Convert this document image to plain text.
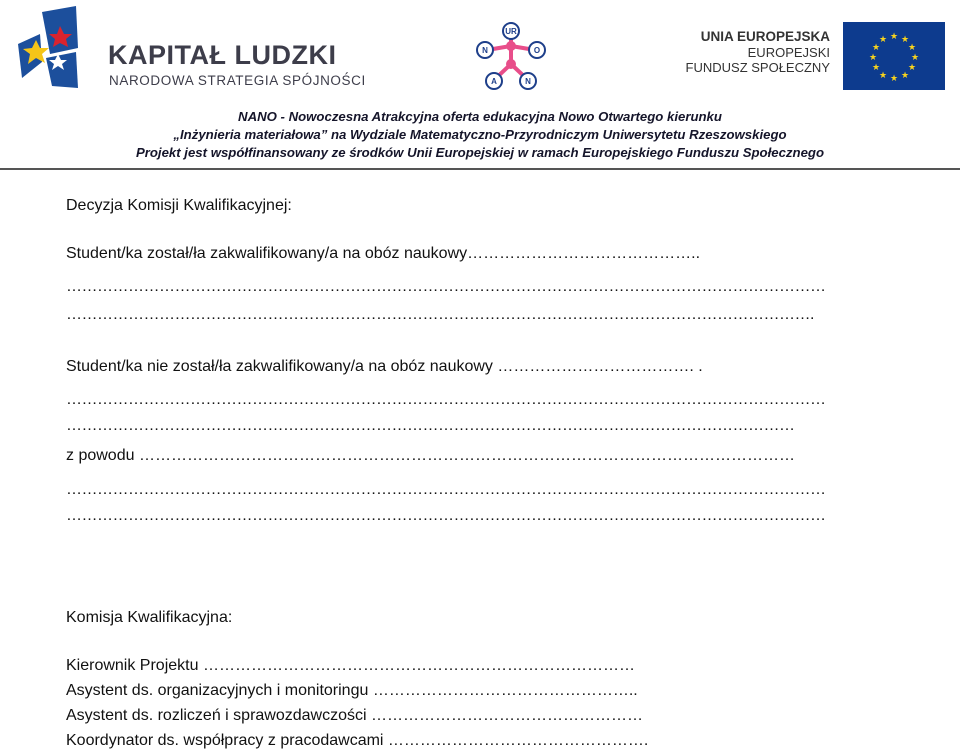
KAPITAŁ LUDZKI
NARODOWA STRATEGIA SPÓJNOŚCI
UR
N	O
A	N
UNIA EUROPEJSKA
EUROPEJSKI
FUNDUSZ SPOŁECZNY
★ ★
★
★
★
★
★
★
★
★
★
★
NANO - Nowoczesna Atrakcyjna oferta edukacyjna Nowo Otwartego kierunku
„Inżynieria materiałowa” na Wydziale Matematyczno-Przyrodniczym Uniwersytetu Rzeszowskiego
Projekt jest współfinansowany ze środków Unii Europejskiej w ramach Europejskiego Funduszu Społecznego
Decyzja Komisji Kwalifikacyjnej:
Student/ka został/ła zakwalifikowany/a na obóz naukowy……………………………………..
…………………………………………………………………………………………………………………………………
……………………………………………………………………………………………………………………………….
Student/ka nie został/ła zakwalifikowany/a na obóz naukowy ………………………………. .
…………………………………………………………………………………………………………………………………
……………………………………………………………………………………………………………………………
z powodu ……………………………………………………………………………………………………………
…………………………………………………………………………………………………………………………………
…………………………………………………………………………………………………………………………………
Komisja Kwalifikacyjna:
Kierownik Projektu ………………………………………………………………………
Asystent ds. organizacyjnych i monitoringu …………………………………………..
Asystent ds. rozliczeń i sprawozdawczości ……………………………………………
Koordynator ds. współpracy z pracodawcami ………………………………………….
